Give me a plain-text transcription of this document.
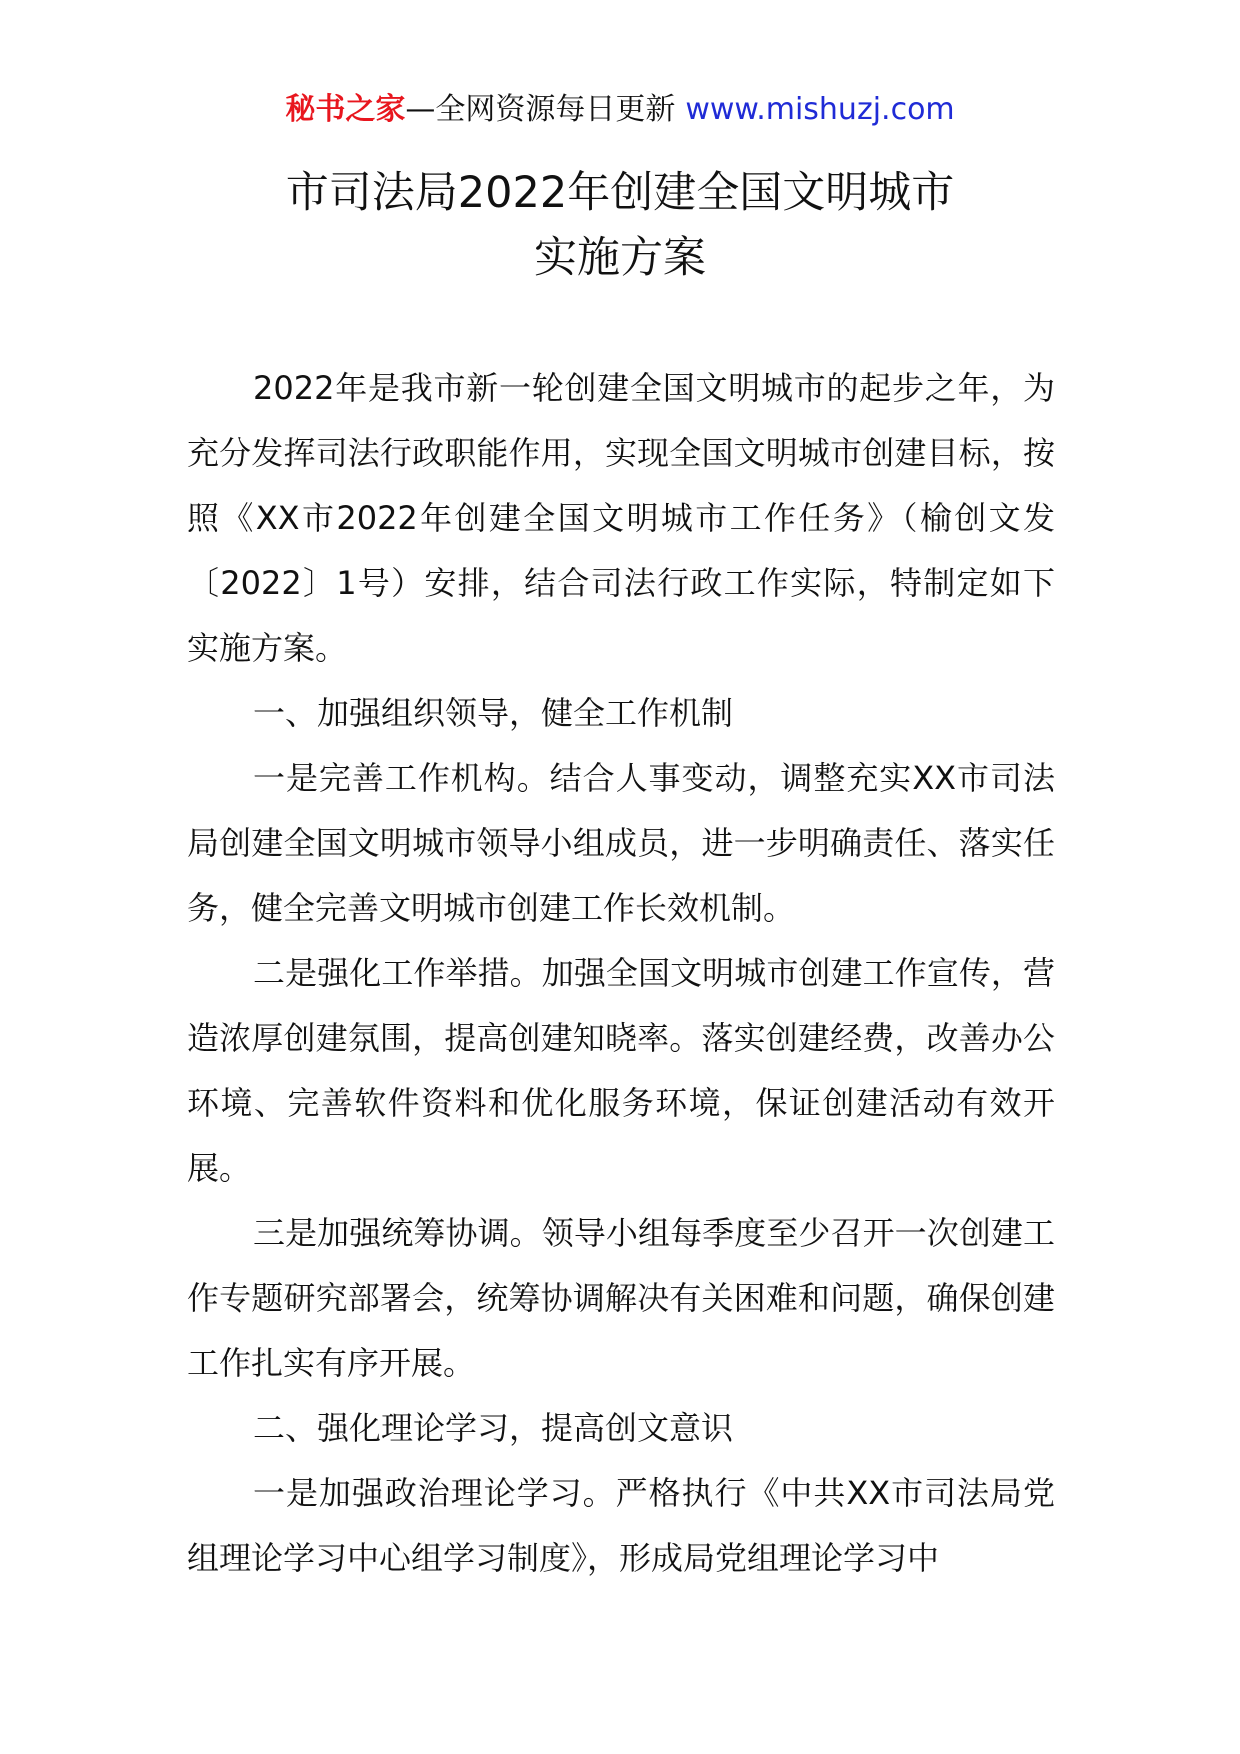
秘书之家—全网资源每日更新 www.mishuzj.com
市司法局2022年创建全国文明城市
实施方案

2022年是我市新一轮创建全国文明城市的起步之年，为充分发挥司法行政职能作用，实现全国文明城市创建目标，按照《XX市2022年创建全国文明城市工作任务》（榆创文发〔2022〕1号）安排，结合司法行政工作实际，特制定如下实施方案。

一、加强组织领导，健全工作机制

一是完善工作机构。结合人事变动，调整充实XX市司法局创建全国文明城市领导小组成员，进一步明确责任、落实任务，健全完善文明城市创建工作长效机制。

二是强化工作举措。加强全国文明城市创建工作宣传，营造浓厚创建氛围，提高创建知晓率。落实创建经费，改善办公环境、完善软件资料和优化服务环境，保证创建活动有效开展。

三是加强统筹协调。领导小组每季度至少召开一次创建工作专题研究部署会，统筹协调解决有关困难和问题，确保创建工作扎实有序开展。

二、强化理论学习，提高创文意识

一是加强政治理论学习。严格执行《中共XX市司法局党组理论学习中心组学习制度》，形成局党组理论学习中
